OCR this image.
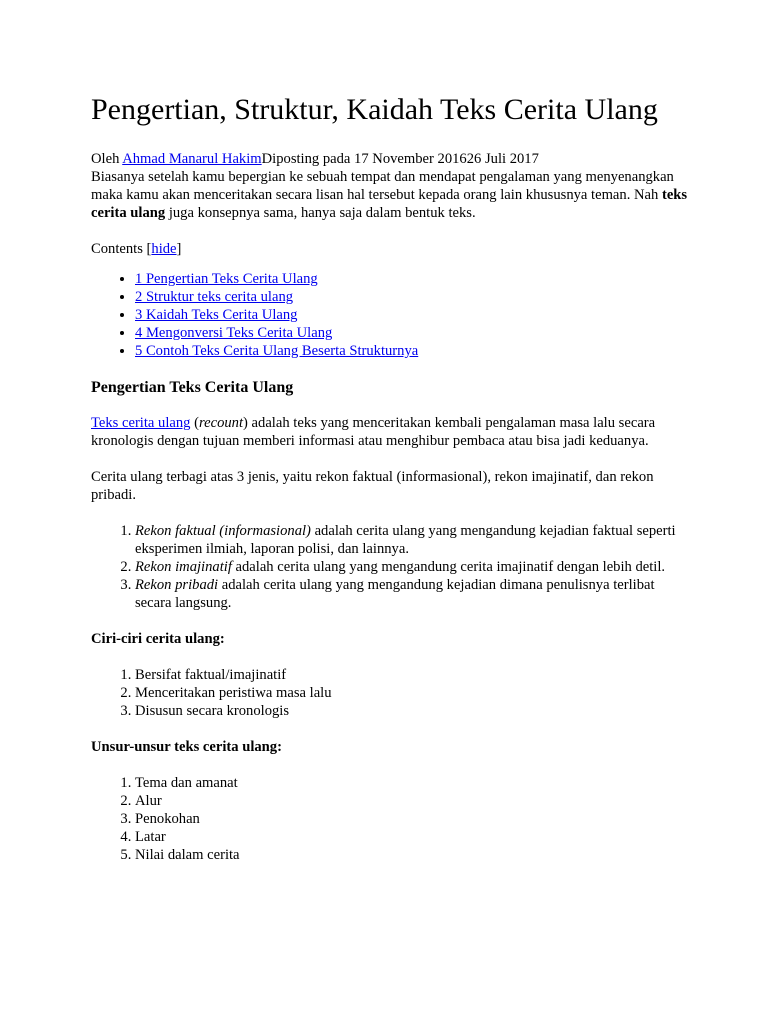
Pengertian, Struktur, Kaidah Teks Cerita Ulang

Oleh Ahmad Manarul HakimDiposting pada 17 November 201626 Juli 2017

Biasanya setelah kamu bepergian ke sebuah tempat dan mendapat pengalaman yang menyenangkan maka kamu akan menceritakan secara lisan hal tersebut kepada orang lain khususnya teman. Nah teks cerita ulang juga konsepnya sama, hanya saja dalam bentuk teks.

Contents [hide]

• 1 Pengertian Teks Cerita Ulang
• 2 Struktur teks cerita ulang
• 3 Kaidah Teks Cerita Ulang
• 4 Mengonversi Teks Cerita Ulang
• 5 Contoh Teks Cerita Ulang Beserta Strukturnya
Pengertian Teks Cerita Ulang

Teks cerita ulang (recount) adalah teks yang menceritakan kembali pengalaman masa lalu secara kronologis dengan tujuan memberi informasi atau menghibur pembaca atau bisa jadi keduanya.

Cerita ulang terbagi atas 3 jenis, yaitu rekon faktual (informasional), rekon imajinatif, dan rekon pribadi.

1. Rekon faktual (informasional) adalah cerita ulang yang mengandung kejadian faktual seperti eksperimen ilmiah, laporan polisi, dan lainnya.
2. Rekon imajinatif adalah cerita ulang yang mengandung cerita imajinatif dengan lebih detil.
3. Rekon pribadi adalah cerita ulang yang mengandung kejadian dimana penulisnya terlibat secara langsung.

Ciri-ciri cerita ulang:

1. Bersifat faktual/imajinatif
2. Menceritakan peristiwa masa lalu
3. Disusun secara kronologis

Unsur-unsur teks cerita ulang:

1. Tema dan amanat
2. Alur
3. Penokohan
4. Latar
5. Nilai dalam cerita
